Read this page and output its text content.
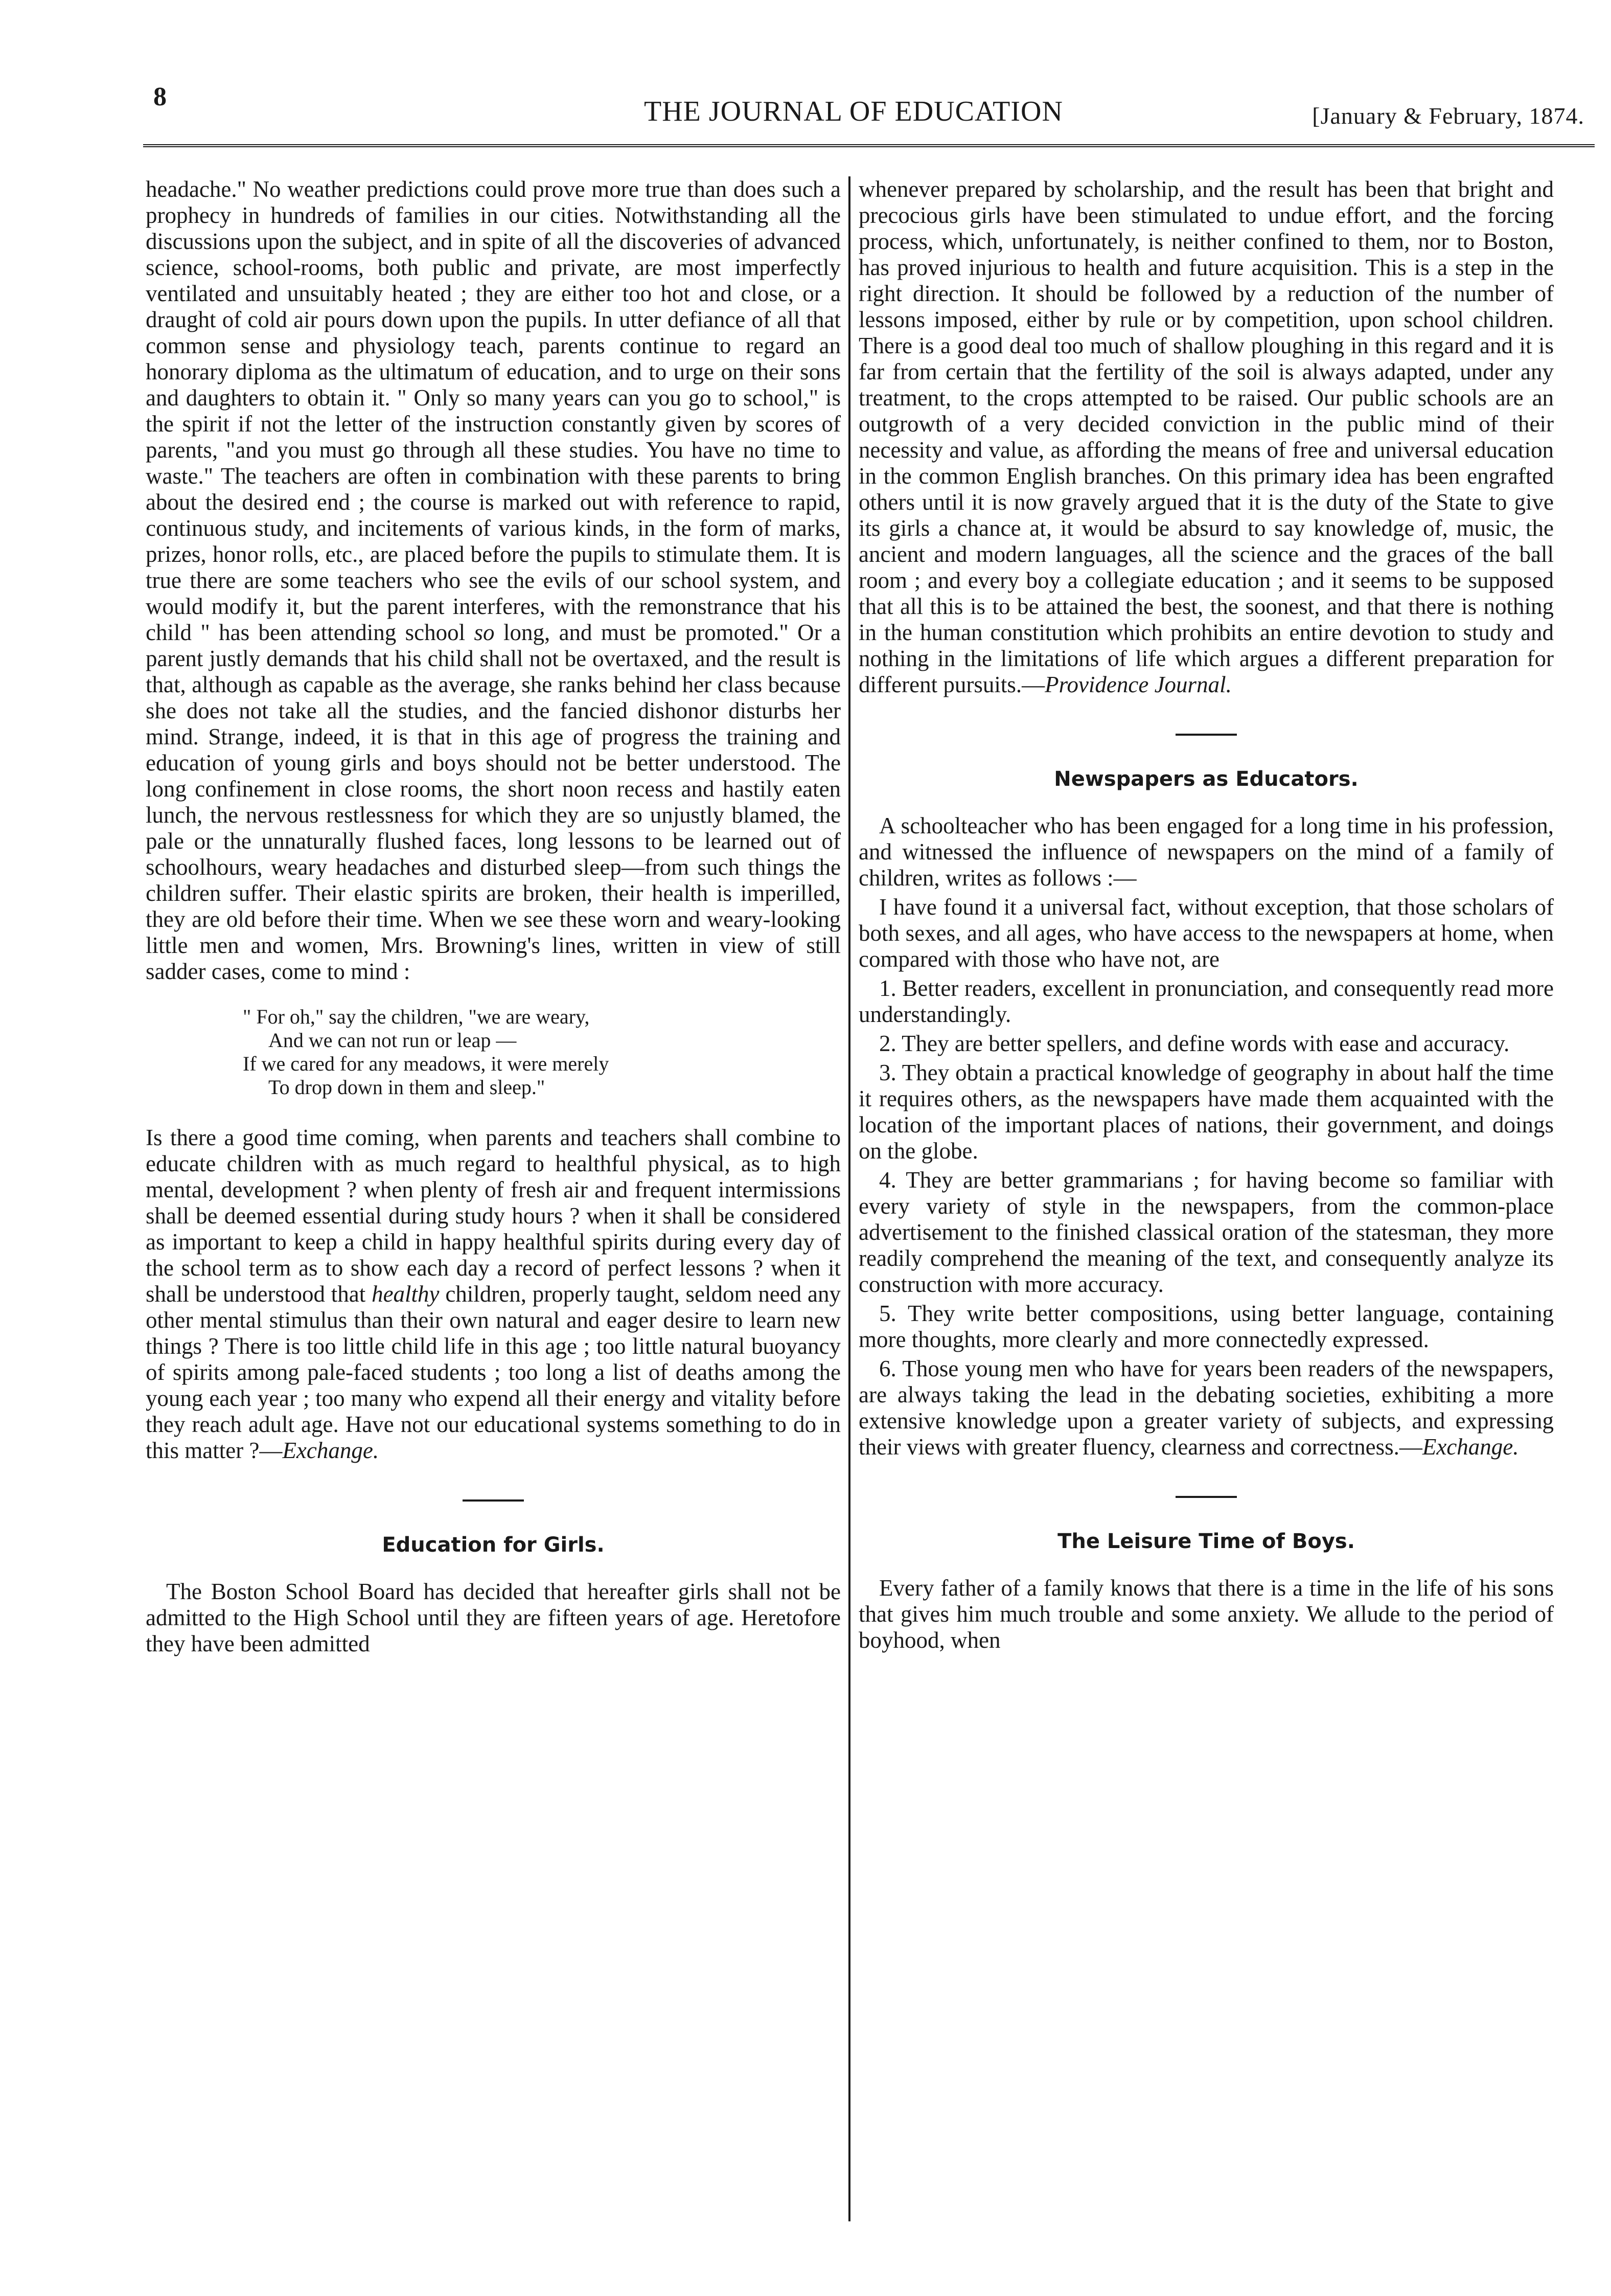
8	THE JOURNAL OF EDUCATION	[January & February, 1874.

headache." No weather predictions could prove more true than does such a prophecy in hundreds of families in our cities. Notwithstanding all the discussions upon the subject, and in spite of all the discoveries of advanced science, school-rooms, both public and private, are most imperfectly ventilated and unsuitably heated ; they are either too hot and close, or a draught of cold air pours down upon the pupils. In utter defiance of all that common sense and physiology teach, parents continue to regard an honorary diploma as the ultimatum of education, and to urge on their sons and daughters to obtain it. " Only so many years can you go to school," is the spirit if not the letter of the instruction constantly given by scores of parents, "and you must go through all these studies. You have no time to waste." The teachers are often in combination with these parents to bring about the desired end ; the course is marked out with reference to rapid, continuous study, and incitements of various kinds, in the form of marks, prizes, honor rolls, etc., are placed before the pupils to stimulate them. It is true there are some teachers who see the evils of our school system, and would modify it, but the parent interferes, with the remonstrance that his child " has been attending school so long, and must be promoted." Or a parent justly demands that his child shall not be overtaxed, and the result is that, although as capable as the average, she ranks behind her class because she does not take all the studies, and the fancied dishonor disturbs her mind. Strange, indeed, it is that in this age of progress the training and education of young girls and boys should not be better understood. The long confinement in close rooms, the short noon recess and hastily eaten lunch, the nervous restlessness for which they are so unjustly blamed, the pale or the unnaturally flushed faces, long lessons to be learned out of schoolhours, weary headaches and disturbed sleep—from such things the children suffer. Their elastic spirits are broken, their health is imperilled, they are old before their time. When we see these worn and weary-looking little men and women, Mrs. Browning's lines, written in view of still sadder cases, come to mind :

" For oh," say the children, "we are weary,
And we can not run or leap —
If we cared for any meadows, it were merely
To drop down in them and sleep."

Is there a good time coming, when parents and teachers shall combine to educate children with as much regard to healthful physical, as to high mental, development ? when plenty of fresh air and frequent intermissions shall be deemed essential during study hours ? when it shall be considered as important to keep a child in happy healthful spirits during every day of the school term as to show each day a record of perfect lessons ? when it shall be understood that healthy children, properly taught, seldom need any other mental stimulus than their own natural and eager desire to learn new things ? There is too little child life in this age ; too little natural buoyancy of spirits among pale-faced students ; too long a list of deaths among the young each year ; too many who expend all their energy and vitality before they reach adult age. Have not our educational systems something to do in this matter ?—Exchange.

Education for Girls.

The Boston School Board has decided that hereafter girls shall not be admitted to the High School until they are fifteen years of age. Heretofore they have been admitted

whenever prepared by scholarship, and the result has been that bright and precocious girls have been stimulated to undue effort, and the forcing process, which, unfortunately, is neither confined to them, nor to Boston, has proved injurious to health and future acquisition. This is a step in the right direction. It should be followed by a reduction of the number of lessons imposed, either by rule or by competition, upon school children. There is a good deal too much of shallow ploughing in this regard and it is far from certain that the fertility of the soil is always adapted, under any treatment, to the crops attempted to be raised. Our public schools are an outgrowth of a very decided conviction in the public mind of their necessity and value, as affording the means of free and universal education in the common English branches. On this primary idea has been engrafted others until it is now gravely argued that it is the duty of the State to give its girls a chance at, it would be absurd to say knowledge of, music, the ancient and modern languages, all the science and the graces of the ball room ; and every boy a collegiate education ; and it seems to be supposed that all this is to be attained the best, the soonest, and that there is nothing in the human constitution which prohibits an entire devotion to study and nothing in the limitations of life which argues a different preparation for different pursuits.—Providence Journal.

Newspapers as Educators.

A schoolteacher who has been engaged for a long time in his profession, and witnessed the influence of newspapers on the mind of a family of children, writes as follows :—

I have found it a universal fact, without exception, that those scholars of both sexes, and all ages, who have access to the newspapers at home, when compared with those who have not, are

1. Better readers, excellent in pronunciation, and consequently read more understandingly.

2. They are better spellers, and define words with ease and accuracy.

3. They obtain a practical knowledge of geography in about half the time it requires others, as the newspapers have made them acquainted with the location of the important places of nations, their government, and doings on the globe.

4. They are better grammarians ; for having become so familiar with every variety of style in the newspapers, from the common-place advertisement to the finished classical oration of the statesman, they more readily comprehend the meaning of the text, and consequently analyze its construction with more accuracy.

5. They write better compositions, using better language, containing more thoughts, more clearly and more connectedly expressed.

6. Those young men who have for years been readers of the newspapers, are always taking the lead in the debating societies, exhibiting a more extensive knowledge upon a greater variety of subjects, and expressing their views with greater fluency, clearness and correctness.—Exchange.

The Leisure Time of Boys.

Every father of a family knows that there is a time in the life of his sons that gives him much trouble and some anxiety. We allude to the period of boyhood, when
